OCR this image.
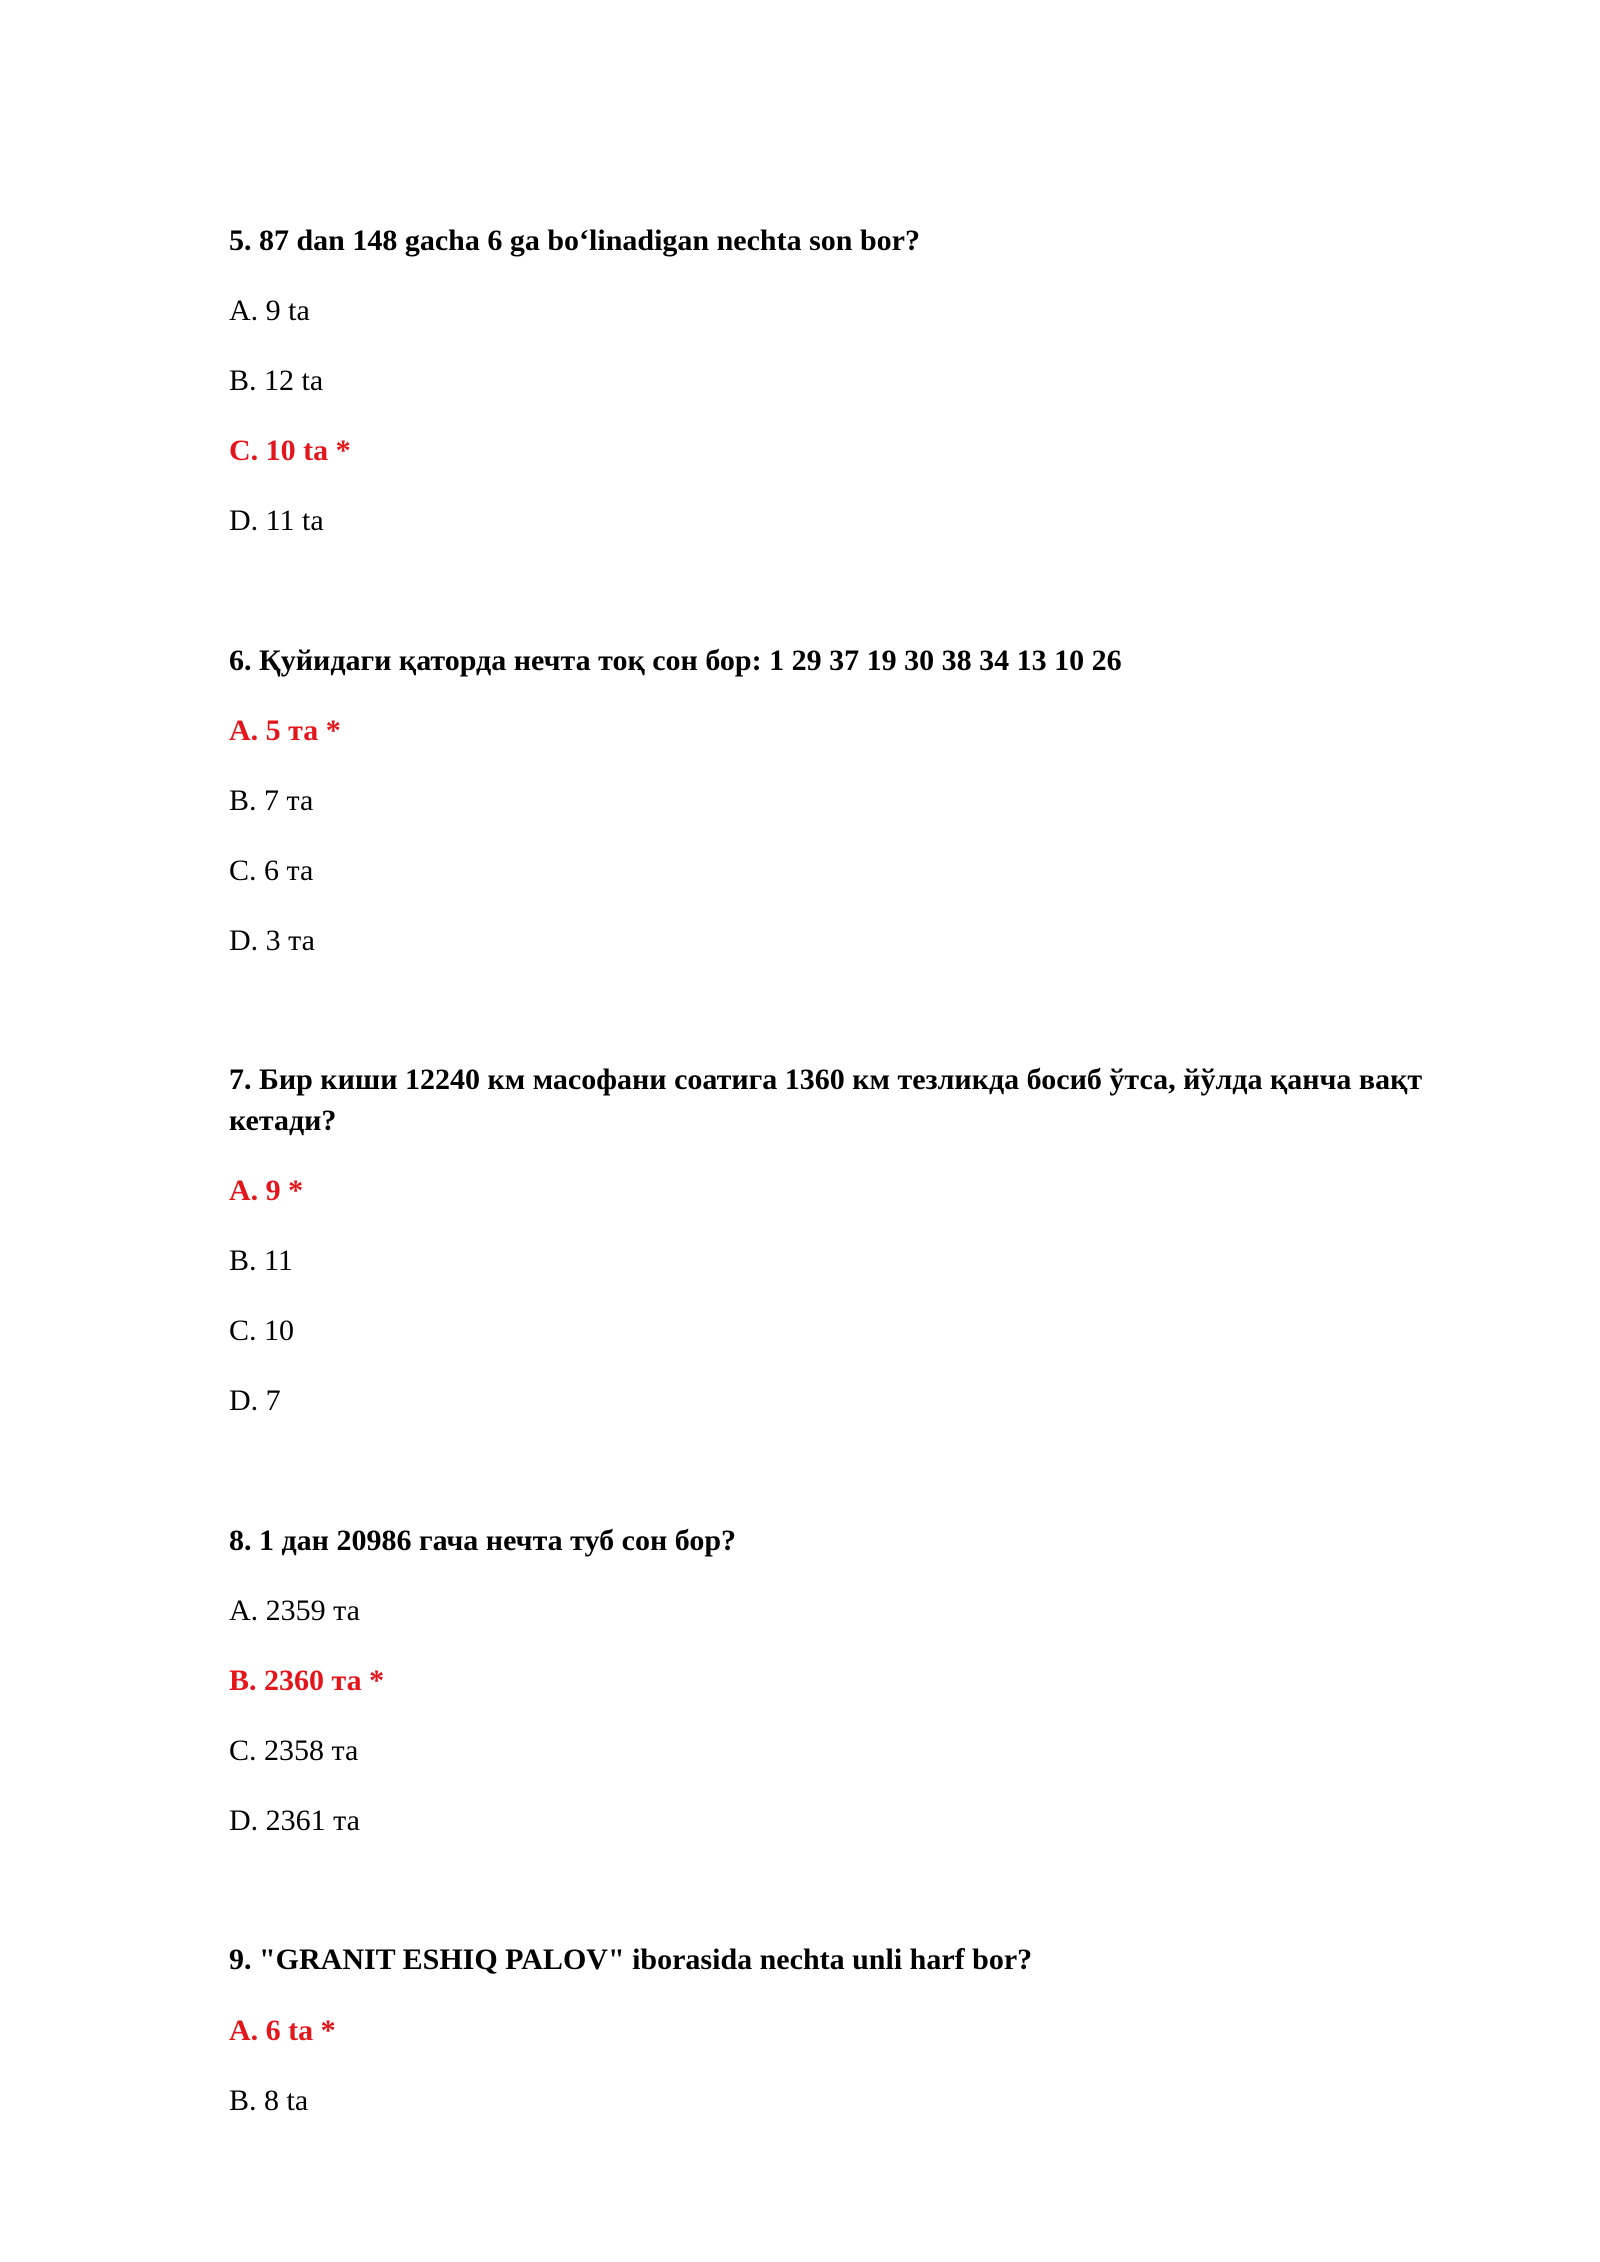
5. 87 dan 148 gacha 6 ga bo‘linadigan nechta son bor?

A. 9 ta

B. 12 ta

C. 10 ta *

D. 11 ta

6. Қуйидаги қаторда нечта тоқ сон бор: 1 29 37 19 30 38 34 13 10 26

A. 5 та *

B. 7 та

C. 6 та

D. 3 та

7. Бир киши 12240 км масофани соатига 1360 км тезликда босиб ўтса, йўлда қанча вақт кетади?

A. 9 *

B. 11

C. 10

D. 7

8. 1 дан 20986 гача нечта туб сон бор?

A. 2359 та

B. 2360 та *

C. 2358 та

D. 2361 та

9. "GRANIT ESHIQ PALOV" iborasida nechta unli harf bor?

A. 6 ta *

B. 8 ta
